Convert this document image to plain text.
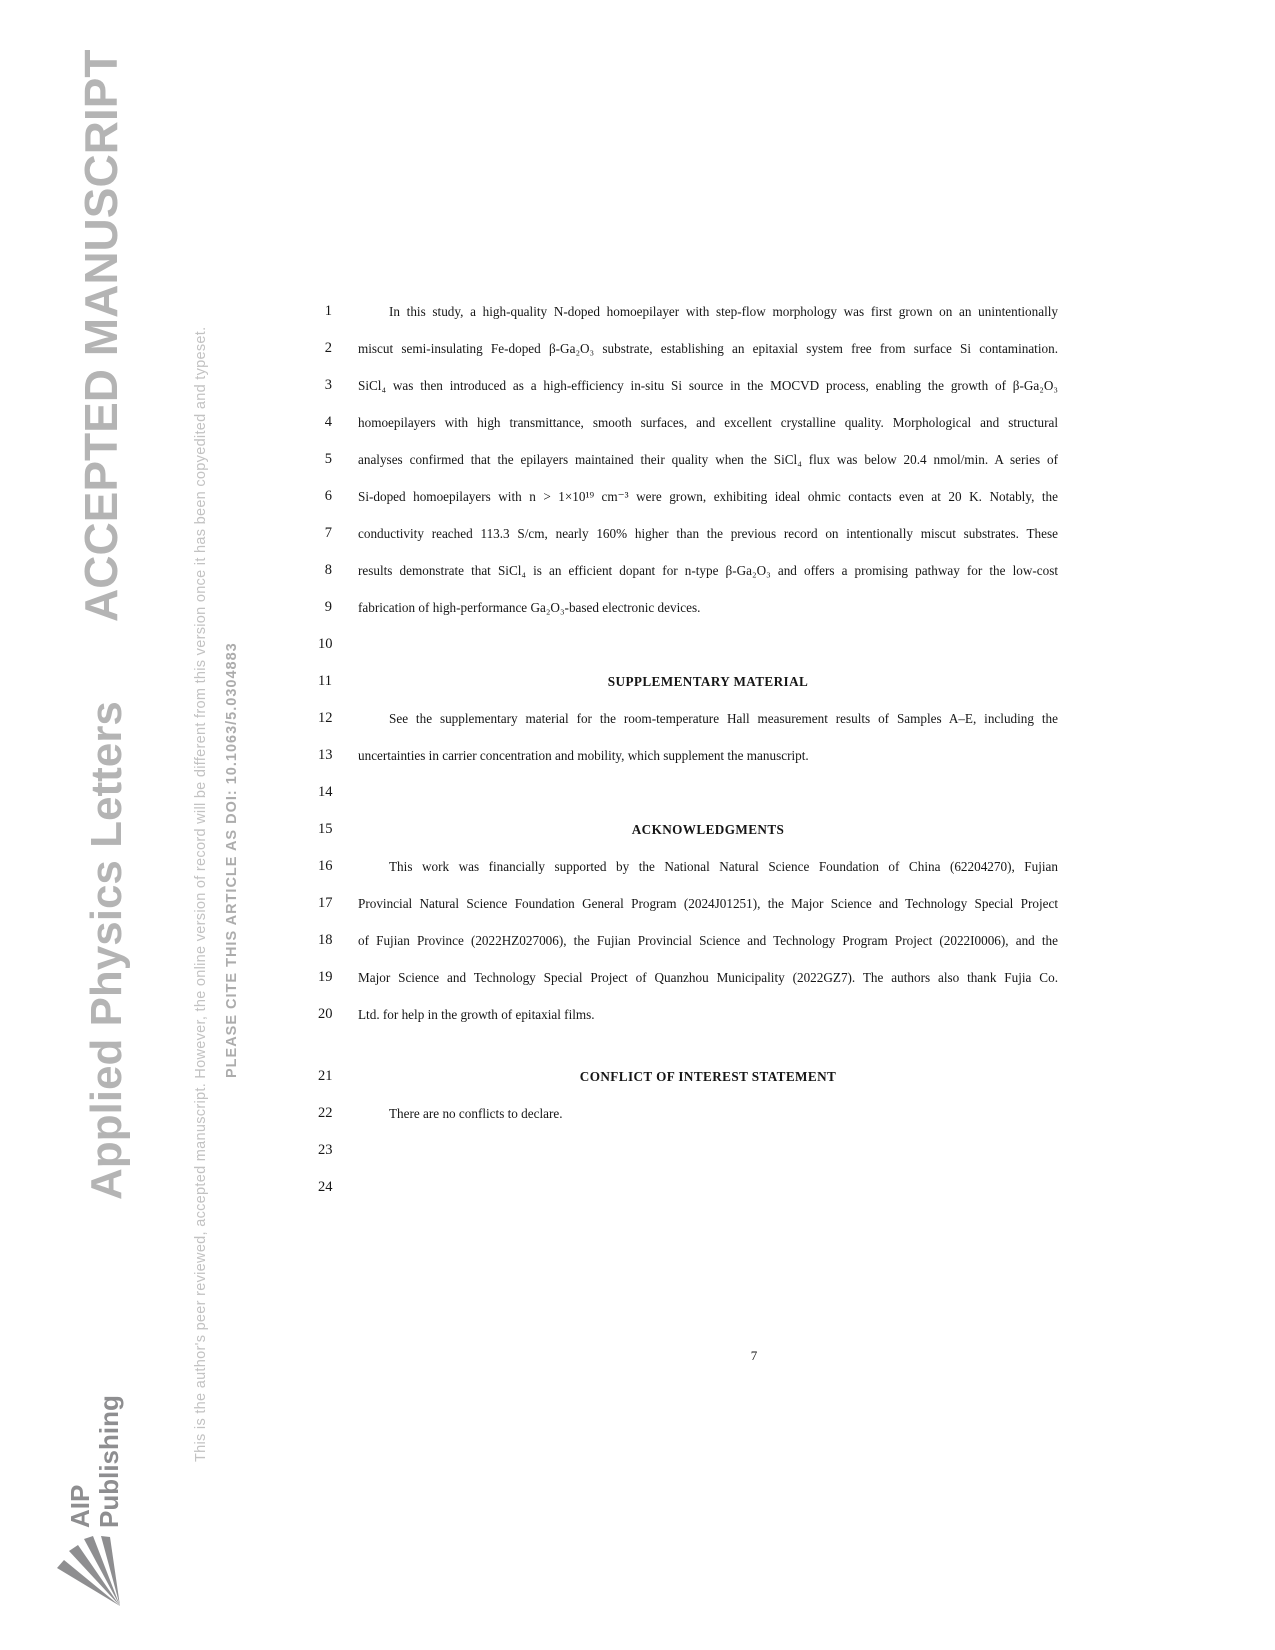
ACCEPTED MANUSCRIPT
Applied Physics Letters	This is the author's peer reviewed, accepted manuscript. However, the online version of record will be different from this version once it has been copyedited and typeset. PLEASE CITE THIS ARTICLE AS DOI: 10.1063/5.0304883
AIP Publishing
1	In this study, a high-quality N-doped homoepilayer with step-flow morphology was first grown on an unintentionally
2 miscut semi-insulating Fe-doped β-Ga₂O₃ substrate, establishing an epitaxial system free from surface Si contamination.
3 SiCl₄ was then introduced as a high-efficiency in-situ Si source in the MOCVD process, enabling the growth of β-Ga₂O₃
4 homoepilayers with high transmittance, smooth surfaces, and excellent crystalline quality. Morphological and structural
5 analyses confirmed that the epilayers maintained their quality when the SiCl₄ flux was below 20.4 nmol/min. A series of
6 Si-doped homoepilayers with n > 1×10¹⁹ cm⁻³ were grown, exhibiting ideal ohmic contacts even at 20 K. Notably, the
7 conductivity reached 113.3 S/cm, nearly 160% higher than the previous record on intentionally miscut substrates. These
8 results demonstrate that SiCl₄ is an efficient dopant for n-type β-Ga₂O₃ and offers a promising pathway for the low-cost
9 fabrication of high-performance Ga₂O₃-based electronic devices.
10
11	SUPPLEMENTARY MATERIAL
12	See the supplementary material for the room-temperature Hall measurement results of Samples A–E, including the
13 uncertainties in carrier concentration and mobility, which supplement the manuscript.
14
15	ACKNOWLEDGMENTS
16	This work was financially supported by the National Natural Science Foundation of China (62204270), Fujian
17 Provincial Natural Science Foundation General Program (2024J01251), the Major Science and Technology Special Project
18 of Fujian Province (2022HZ027006), the Fujian Provincial Science and Technology Program Project (2022I0006), and the
19 Major Science and Technology Special Project of Quanzhou Municipality (2022GZ7). The authors also thank Fujia Co.
20 Ltd. for help in the growth of epitaxial films.
21	CONFLICT OF INTEREST STATEMENT
22	There are no conflicts to declare.
23
24
7
